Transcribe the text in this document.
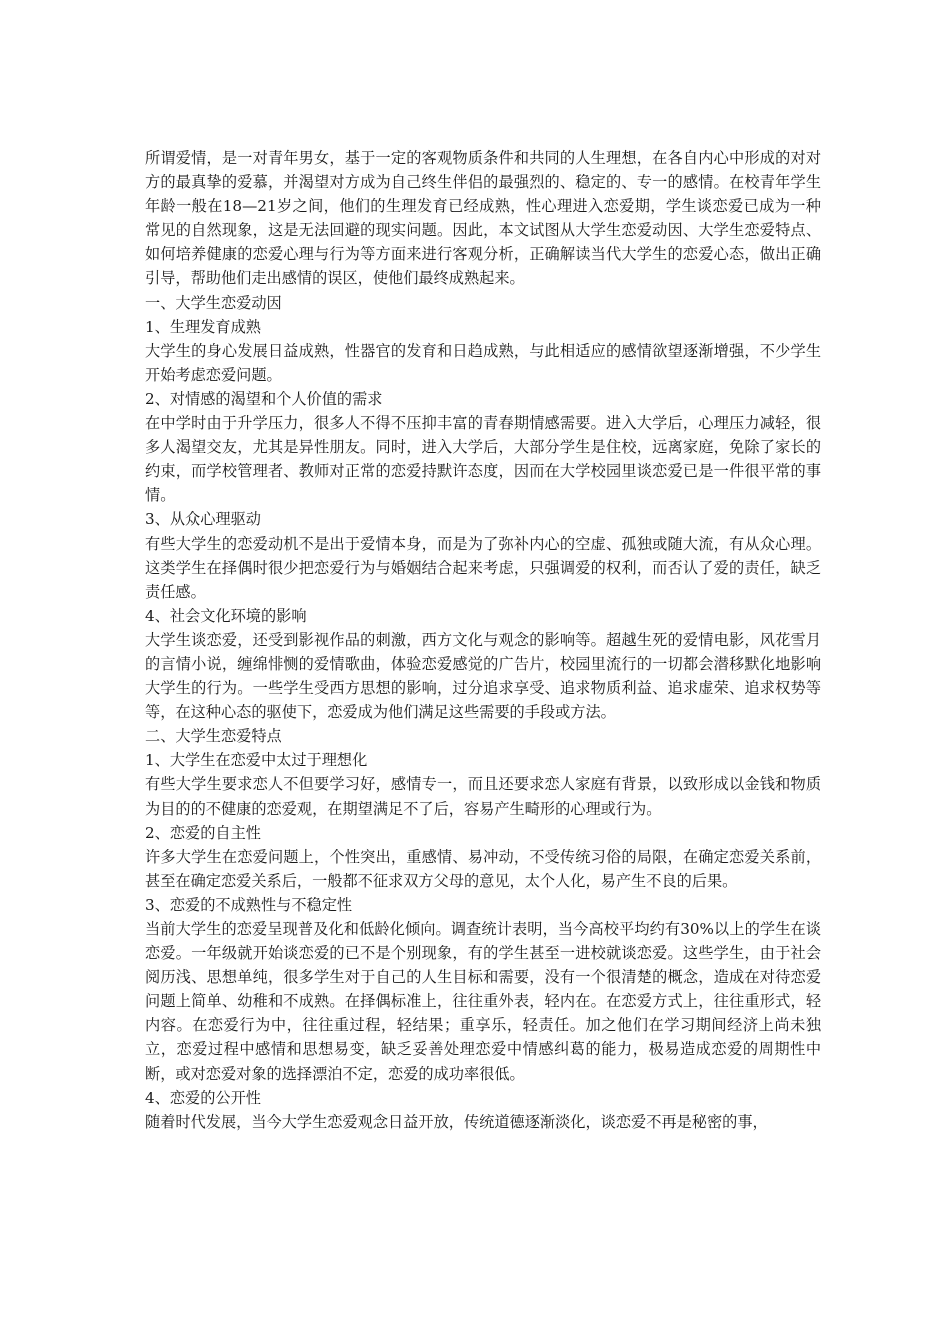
所谓爱情，是一对青年男女，基于一定的客观物质条件和共同的人生理想，在各自内心中形成的对对方的最真挚的爱慕，并渴望对方成为自己终生伴侣的最强烈的、稳定的、专一的感情。在校青年学生年龄一般在18—21岁之间，他们的生理发育已经成熟，性心理进入恋爱期，学生谈恋爱已成为一种常见的自然现象，这是无法回避的现实问题。因此，本文试图从大学生恋爱动因、大学生恋爱特点、如何培养健康的恋爱心理与行为等方面来进行客观分析，正确解读当代大学生的恋爱心态，做出正确引导，帮助他们走出感情的误区，使他们最终成熟起来。

一、大学生恋爱动因

1、生理发育成熟

大学生的身心发展日益成熟，性器官的发育和日趋成熟，与此相适应的感情欲望逐渐增强，不少学生开始考虑恋爱问题。

2、对情感的渴望和个人价值的需求

在中学时由于升学压力，很多人不得不压抑丰富的青春期情感需要。进入大学后，心理压力减轻，很多人渴望交友，尤其是异性朋友。同时，进入大学后，大部分学生是住校，远离家庭，免除了家长的约束，而学校管理者、教师对正常的恋爱持默许态度，因而在大学校园里谈恋爱已是一件很平常的事情。

3、从众心理驱动

有些大学生的恋爱动机不是出于爱情本身，而是为了弥补内心的空虚、孤独或随大流，有从众心理。这类学生在择偶时很少把恋爱行为与婚姻结合起来考虑，只强调爱的权利，而否认了爱的责任，缺乏责任感。

4、社会文化环境的影响

大学生谈恋爱，还受到影视作品的刺激，西方文化与观念的影响等。超越生死的爱情电影，风花雪月的言情小说，缠绵悱恻的爱情歌曲，体验恋爱感觉的广告片，校园里流行的一切都会潜移默化地影响大学生的行为。一些学生受西方思想的影响，过分追求享受、追求物质利益、追求虚荣、追求权势等等，在这种心态的驱使下，恋爱成为他们满足这些需要的手段或方法。

二、大学生恋爱特点

1、大学生在恋爱中太过于理想化

有些大学生要求恋人不但要学习好，感情专一，而且还要求恋人家庭有背景，以致形成以金钱和物质为目的的不健康的恋爱观，在期望满足不了后，容易产生畸形的心理或行为。

2、恋爱的自主性

许多大学生在恋爱问题上，个性突出，重感情、易冲动，不受传统习俗的局限，在确定恋爱关系前，甚至在确定恋爱关系后，一般都不征求双方父母的意见，太个人化，易产生不良的后果。

3、恋爱的不成熟性与不稳定性

当前大学生的恋爱呈现普及化和低龄化倾向。调查统计表明，当今高校平均约有30%以上的学生在谈恋爱。一年级就开始谈恋爱的已不是个别现象，有的学生甚至一进校就谈恋爱。这些学生，由于社会阅历浅、思想单纯，很多学生对于自己的人生目标和需要，没有一个很清楚的概念，造成在对待恋爱问题上简单、幼稚和不成熟。在择偶标准上，往往重外表，轻内在。在恋爱方式上，往往重形式，轻内容。在恋爱行为中，往往重过程，轻结果；重享乐，轻责任。加之他们在学习期间经济上尚未独立，恋爱过程中感情和思想易变，缺乏妥善处理恋爱中情感纠葛的能力，极易造成恋爱的周期性中断，或对恋爱对象的选择漂泊不定，恋爱的成功率很低。

4、恋爱的公开性

随着时代发展，当今大学生恋爱观念日益开放，传统道德逐渐淡化，谈恋爱不再是秘密的事，
